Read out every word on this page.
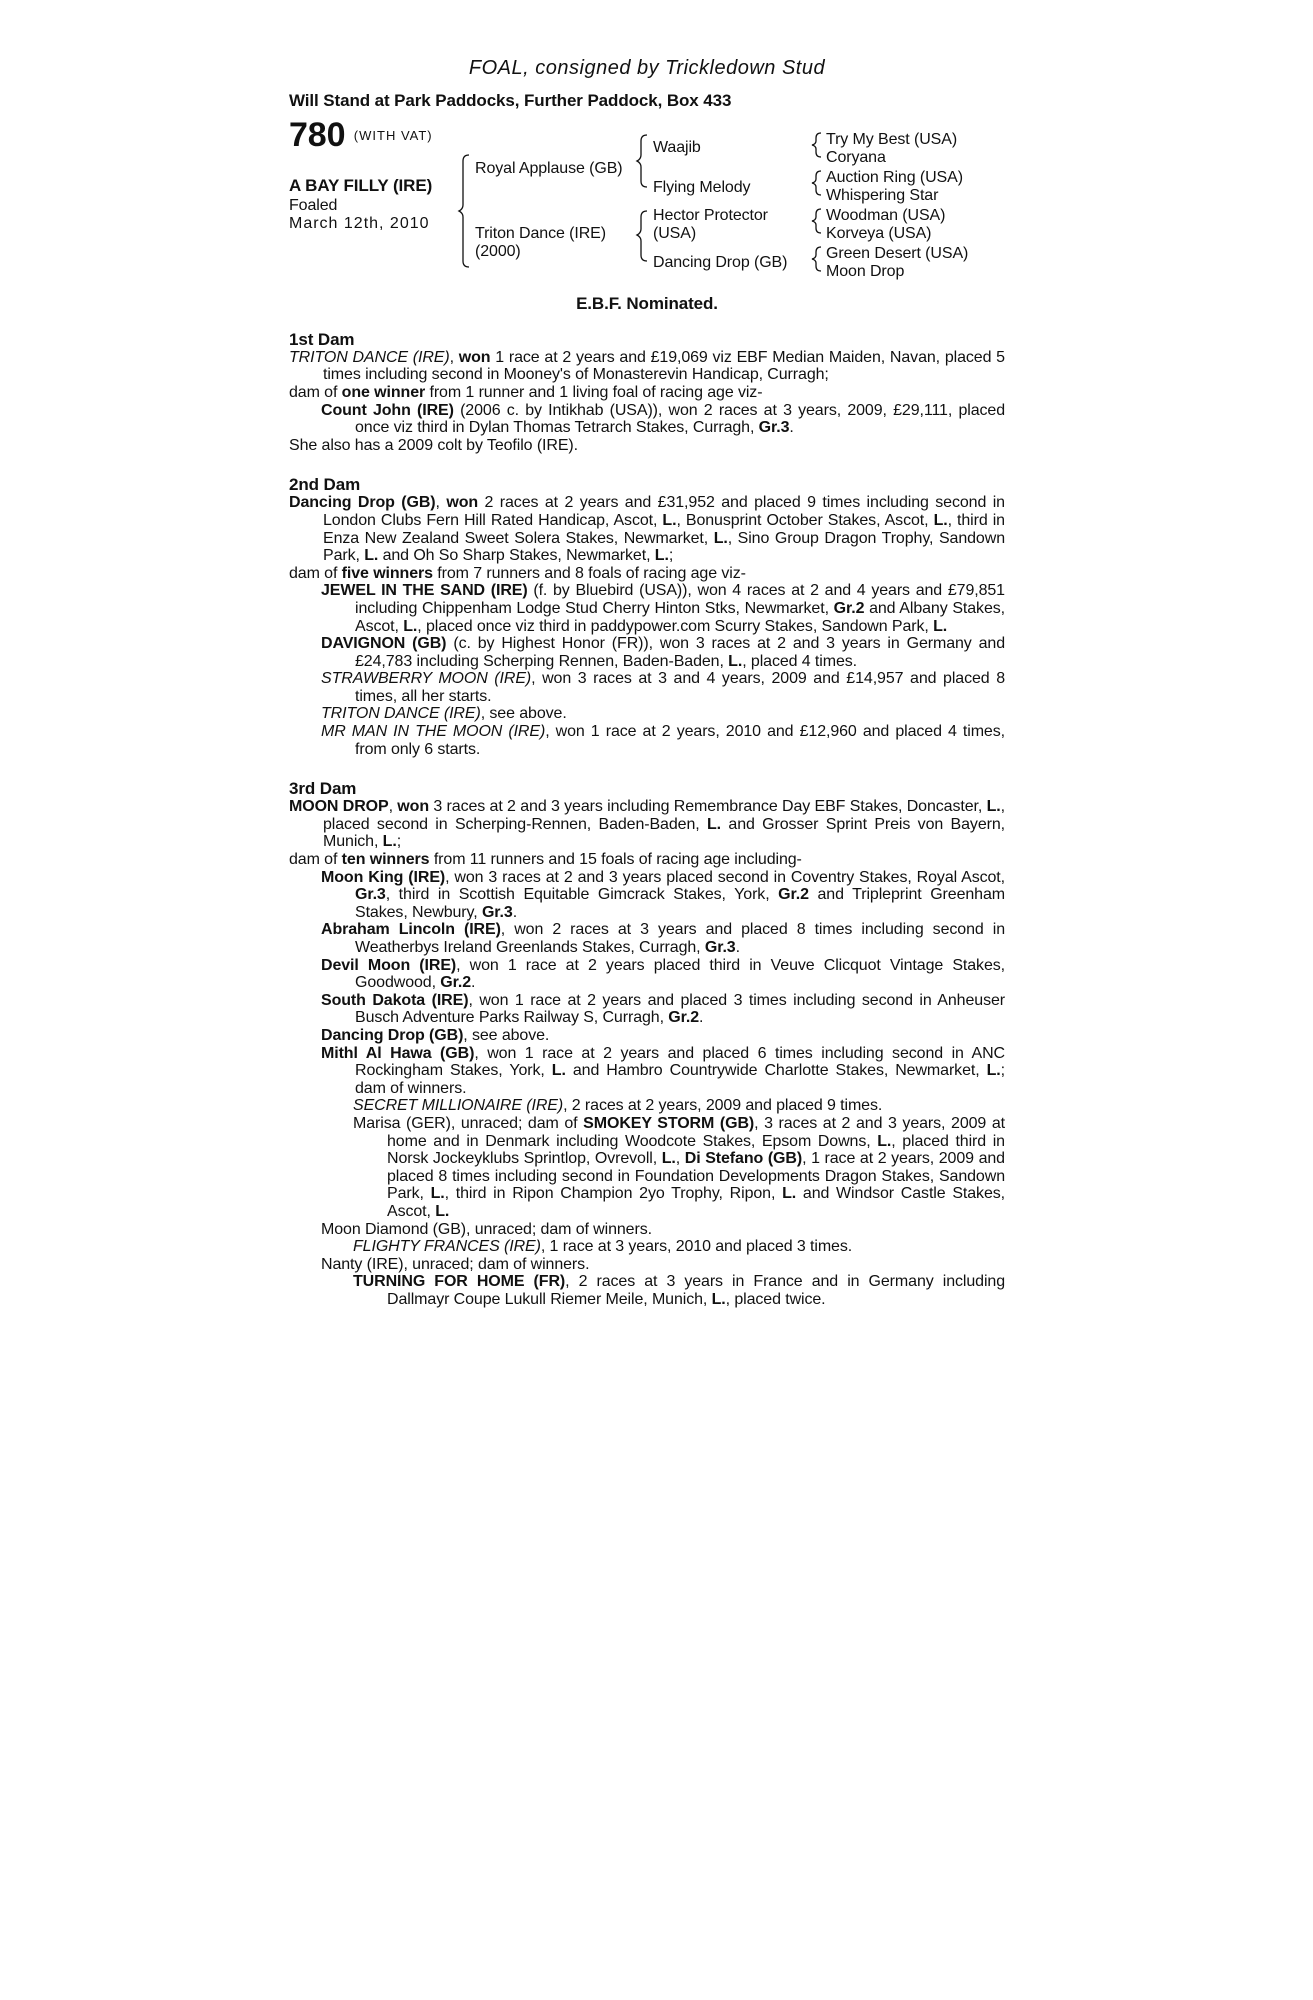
FOAL, consigned by Trickledown Stud
Will Stand at Park Paddocks, Further Paddock, Box 433
780 (WITH VAT)
A BAY FILLY (IRE)
Foaled
March 12th, 2010
Royal Applause (GB)
Triton Dance (IRE)
(2000)
Waajib
Flying Melody
Hector Protector
(USA)
Dancing Drop (GB)
Try My Best (USA)
Coryana
Auction Ring (USA)
Whispering Star
Woodman (USA)
Korveya (USA)
Green Desert (USA)
Moon Drop
E.B.F. Nominated.
1st Dam
TRITON DANCE (IRE), won 1 race at 2 years and £19,069 viz EBF Median Maiden, Navan, placed 5 times including second in Mooney's of Monasterevin Handicap, Curragh;
dam of one winner from 1 runner and 1 living foal of racing age viz-
Count John (IRE) (2006 c. by Intikhab (USA)), won 2 races at 3 years, 2009, £29,111, placed once viz third in Dylan Thomas Tetrarch Stakes, Curragh, Gr.3.
She also has a 2009 colt by Teofilo (IRE).
2nd Dam
Dancing Drop (GB), won 2 races at 2 years and £31,952 and placed 9 times including second in London Clubs Fern Hill Rated Handicap, Ascot, L., Bonusprint October Stakes, Ascot, L., third in Enza New Zealand Sweet Solera Stakes, Newmarket, L., Sino Group Dragon Trophy, Sandown Park, L. and Oh So Sharp Stakes, Newmarket, L.;
dam of five winners from 7 runners and 8 foals of racing age viz-
JEWEL IN THE SAND (IRE) (f. by Bluebird (USA)), won 4 races at 2 and 4 years and £79,851 including Chippenham Lodge Stud Cherry Hinton Stks, Newmarket, Gr.2 and Albany Stakes, Ascot, L., placed once viz third in paddypower.com Scurry Stakes, Sandown Park, L.
DAVIGNON (GB) (c. by Highest Honor (FR)), won 3 races at 2 and 3 years in Germany and £24,783 including Scherping Rennen, Baden-Baden, L., placed 4 times.
STRAWBERRY MOON (IRE), won 3 races at 3 and 4 years, 2009 and £14,957 and placed 8 times, all her starts.
TRITON DANCE (IRE), see above.
MR MAN IN THE MOON (IRE), won 1 race at 2 years, 2010 and £12,960 and placed 4 times, from only 6 starts.
3rd Dam
MOON DROP, won 3 races at 2 and 3 years including Remembrance Day EBF Stakes, Doncaster, L., placed second in Scherping-Rennen, Baden-Baden, L. and Grosser Sprint Preis von Bayern, Munich, L.;
dam of ten winners from 11 runners and 15 foals of racing age including-
Moon King (IRE), won 3 races at 2 and 3 years placed second in Coventry Stakes, Royal Ascot, Gr.3, third in Scottish Equitable Gimcrack Stakes, York, Gr.2 and Tripleprint Greenham Stakes, Newbury, Gr.3.
Abraham Lincoln (IRE), won 2 races at 3 years and placed 8 times including second in Weatherbys Ireland Greenlands Stakes, Curragh, Gr.3.
Devil Moon (IRE), won 1 race at 2 years placed third in Veuve Clicquot Vintage Stakes, Goodwood, Gr.2.
South Dakota (IRE), won 1 race at 2 years and placed 3 times including second in Anheuser Busch Adventure Parks Railway S, Curragh, Gr.2.
Dancing Drop (GB), see above.
Mithl Al Hawa (GB), won 1 race at 2 years and placed 6 times including second in ANC Rockingham Stakes, York, L. and Hambro Countrywide Charlotte Stakes, Newmarket, L.; dam of winners.
SECRET MILLIONAIRE (IRE), 2 races at 2 years, 2009 and placed 9 times.
Marisa (GER), unraced; dam of SMOKEY STORM (GB), 3 races at 2 and 3 years, 2009 at home and in Denmark including Woodcote Stakes, Epsom Downs, L., placed third in Norsk Jockeyklubs Sprintlop, Ovrevoll, L., Di Stefano (GB), 1 race at 2 years, 2009 and placed 8 times including second in Foundation Developments Dragon Stakes, Sandown Park, L., third in Ripon Champion 2yo Trophy, Ripon, L. and Windsor Castle Stakes, Ascot, L.
Moon Diamond (GB), unraced; dam of winners.
FLIGHTY FRANCES (IRE), 1 race at 3 years, 2010 and placed 3 times.
Nanty (IRE), unraced; dam of winners.
TURNING FOR HOME (FR), 2 races at 3 years in France and in Germany including Dallmayr Coupe Lukull Riemer Meile, Munich, L., placed twice.
